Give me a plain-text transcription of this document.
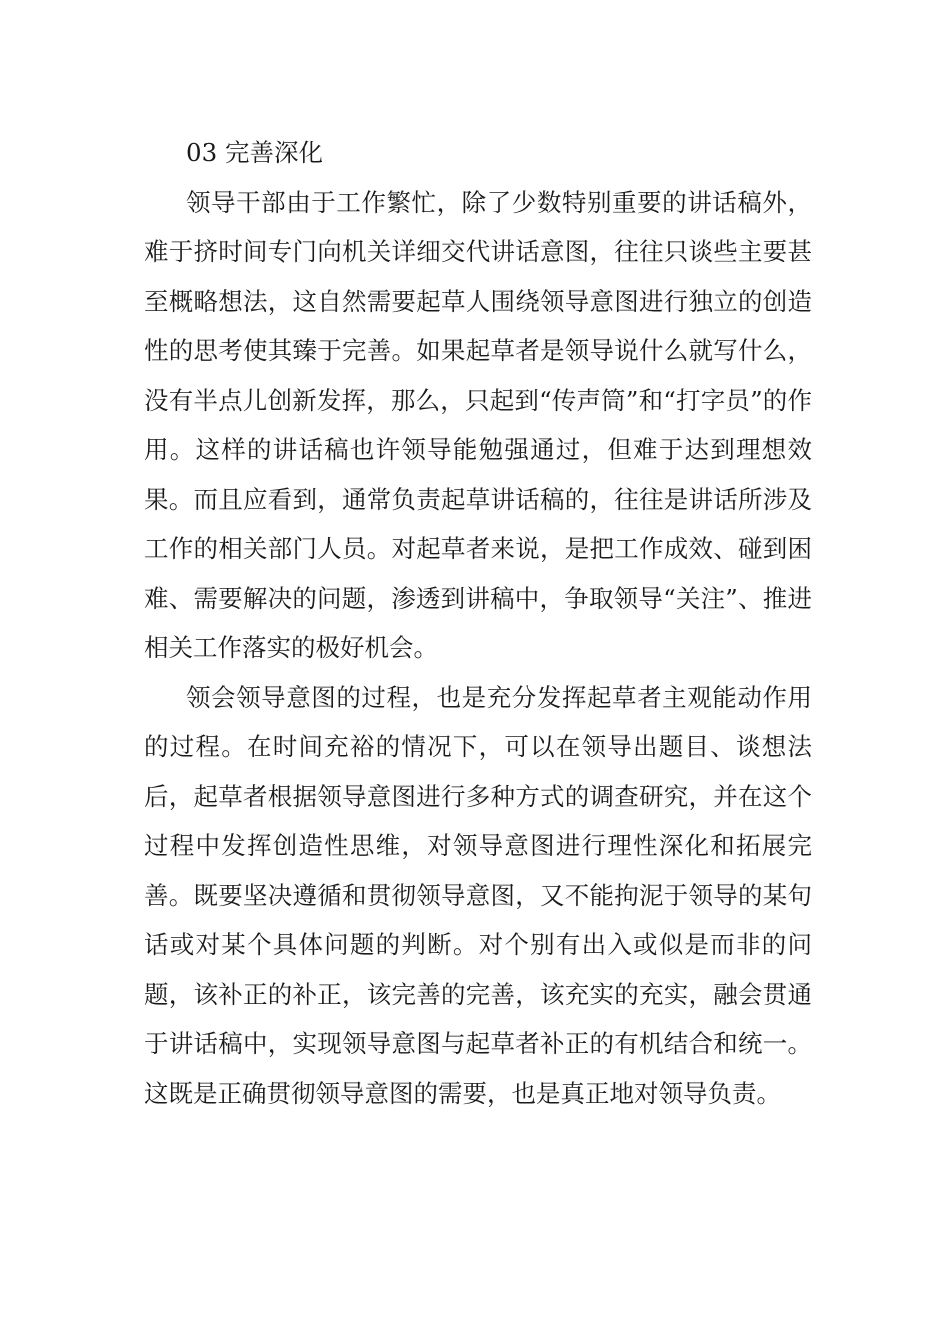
03 完善深化

领导干部由于工作繁忙，除了少数特别重要的讲话稿外，难于挤时间专门向机关详细交代讲话意图，往往只谈些主要甚至概略想法，这自然需要起草人围绕领导意图进行独立的创造性的思考使其臻于完善。如果起草者是领导说什么就写什么，没有半点儿创新发挥，那么，只起到“传声筒”和“打字员”的作用。这样的讲话稿也许领导能勉强通过，但难于达到理想效果。而且应看到，通常负责起草讲话稿的，往往是讲话所涉及工作的相关部门人员。对起草者来说，是把工作成效、碰到困难、需要解决的问题，渗透到讲稿中，争取领导“关注”、推进相关工作落实的极好机会。

领会领导意图的过程，也是充分发挥起草者主观能动作用的过程。在时间充裕的情况下，可以在领导出题目、谈想法后，起草者根据领导意图进行多种方式的调查研究，并在这个过程中发挥创造性思维，对领导意图进行理性深化和拓展完善。既要坚决遵循和贯彻领导意图，又不能拘泥于领导的某句话或对某个具体问题的判断。对个别有出入或似是而非的问题，该补正的补正，该完善的完善，该充实的充实，融会贯通于讲话稿中，实现领导意图与起草者补正的有机结合和统一。这既是正确贯彻领导意图的需要，也是真正地对领导负责。
